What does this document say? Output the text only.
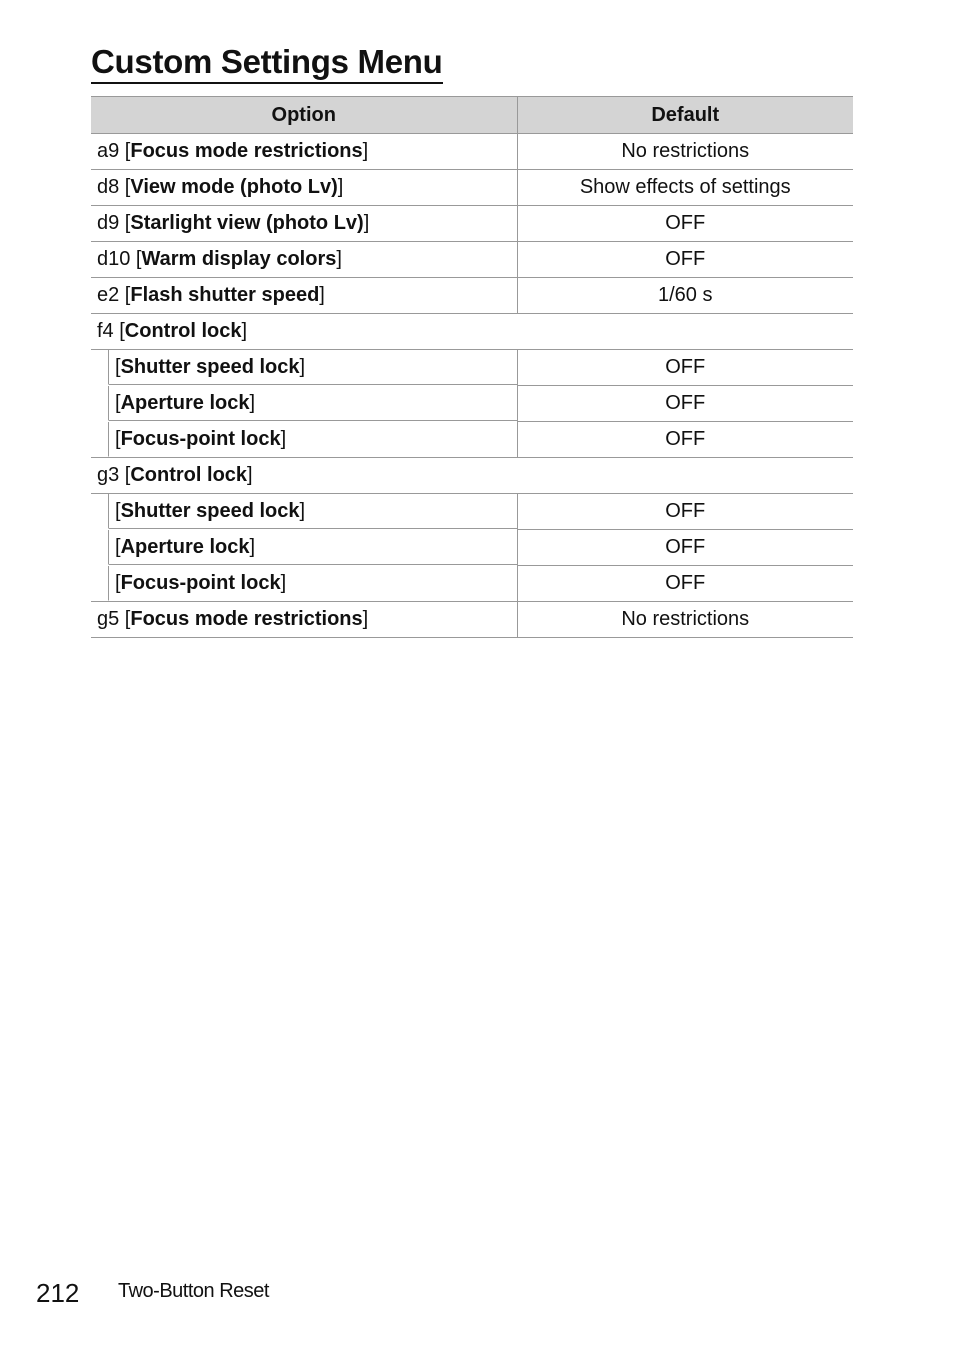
Custom Settings Menu
Option	Default
a9 [Focus mode restrictions]	No restrictions
d8 [View mode (photo Lv)]	Show effects of settings
d9 [Starlight view (photo Lv)]	OFF
d10 [Warm display colors]	OFF
e2 [Flash shutter speed]	1/60 s
f4 [Control lock]	

[ Shutter speed lock ]	OFF

[ Aperture lock ]	OFF

[ Focus-point lock ]	OFF
g3 [Control lock]	

[ Shutter speed lock ]	OFF

[ Aperture lock ]	OFF

[ Focus-point lock ]	OFF
g5 [Focus mode restrictions]	No restrictions
212 Two-Button Reset
